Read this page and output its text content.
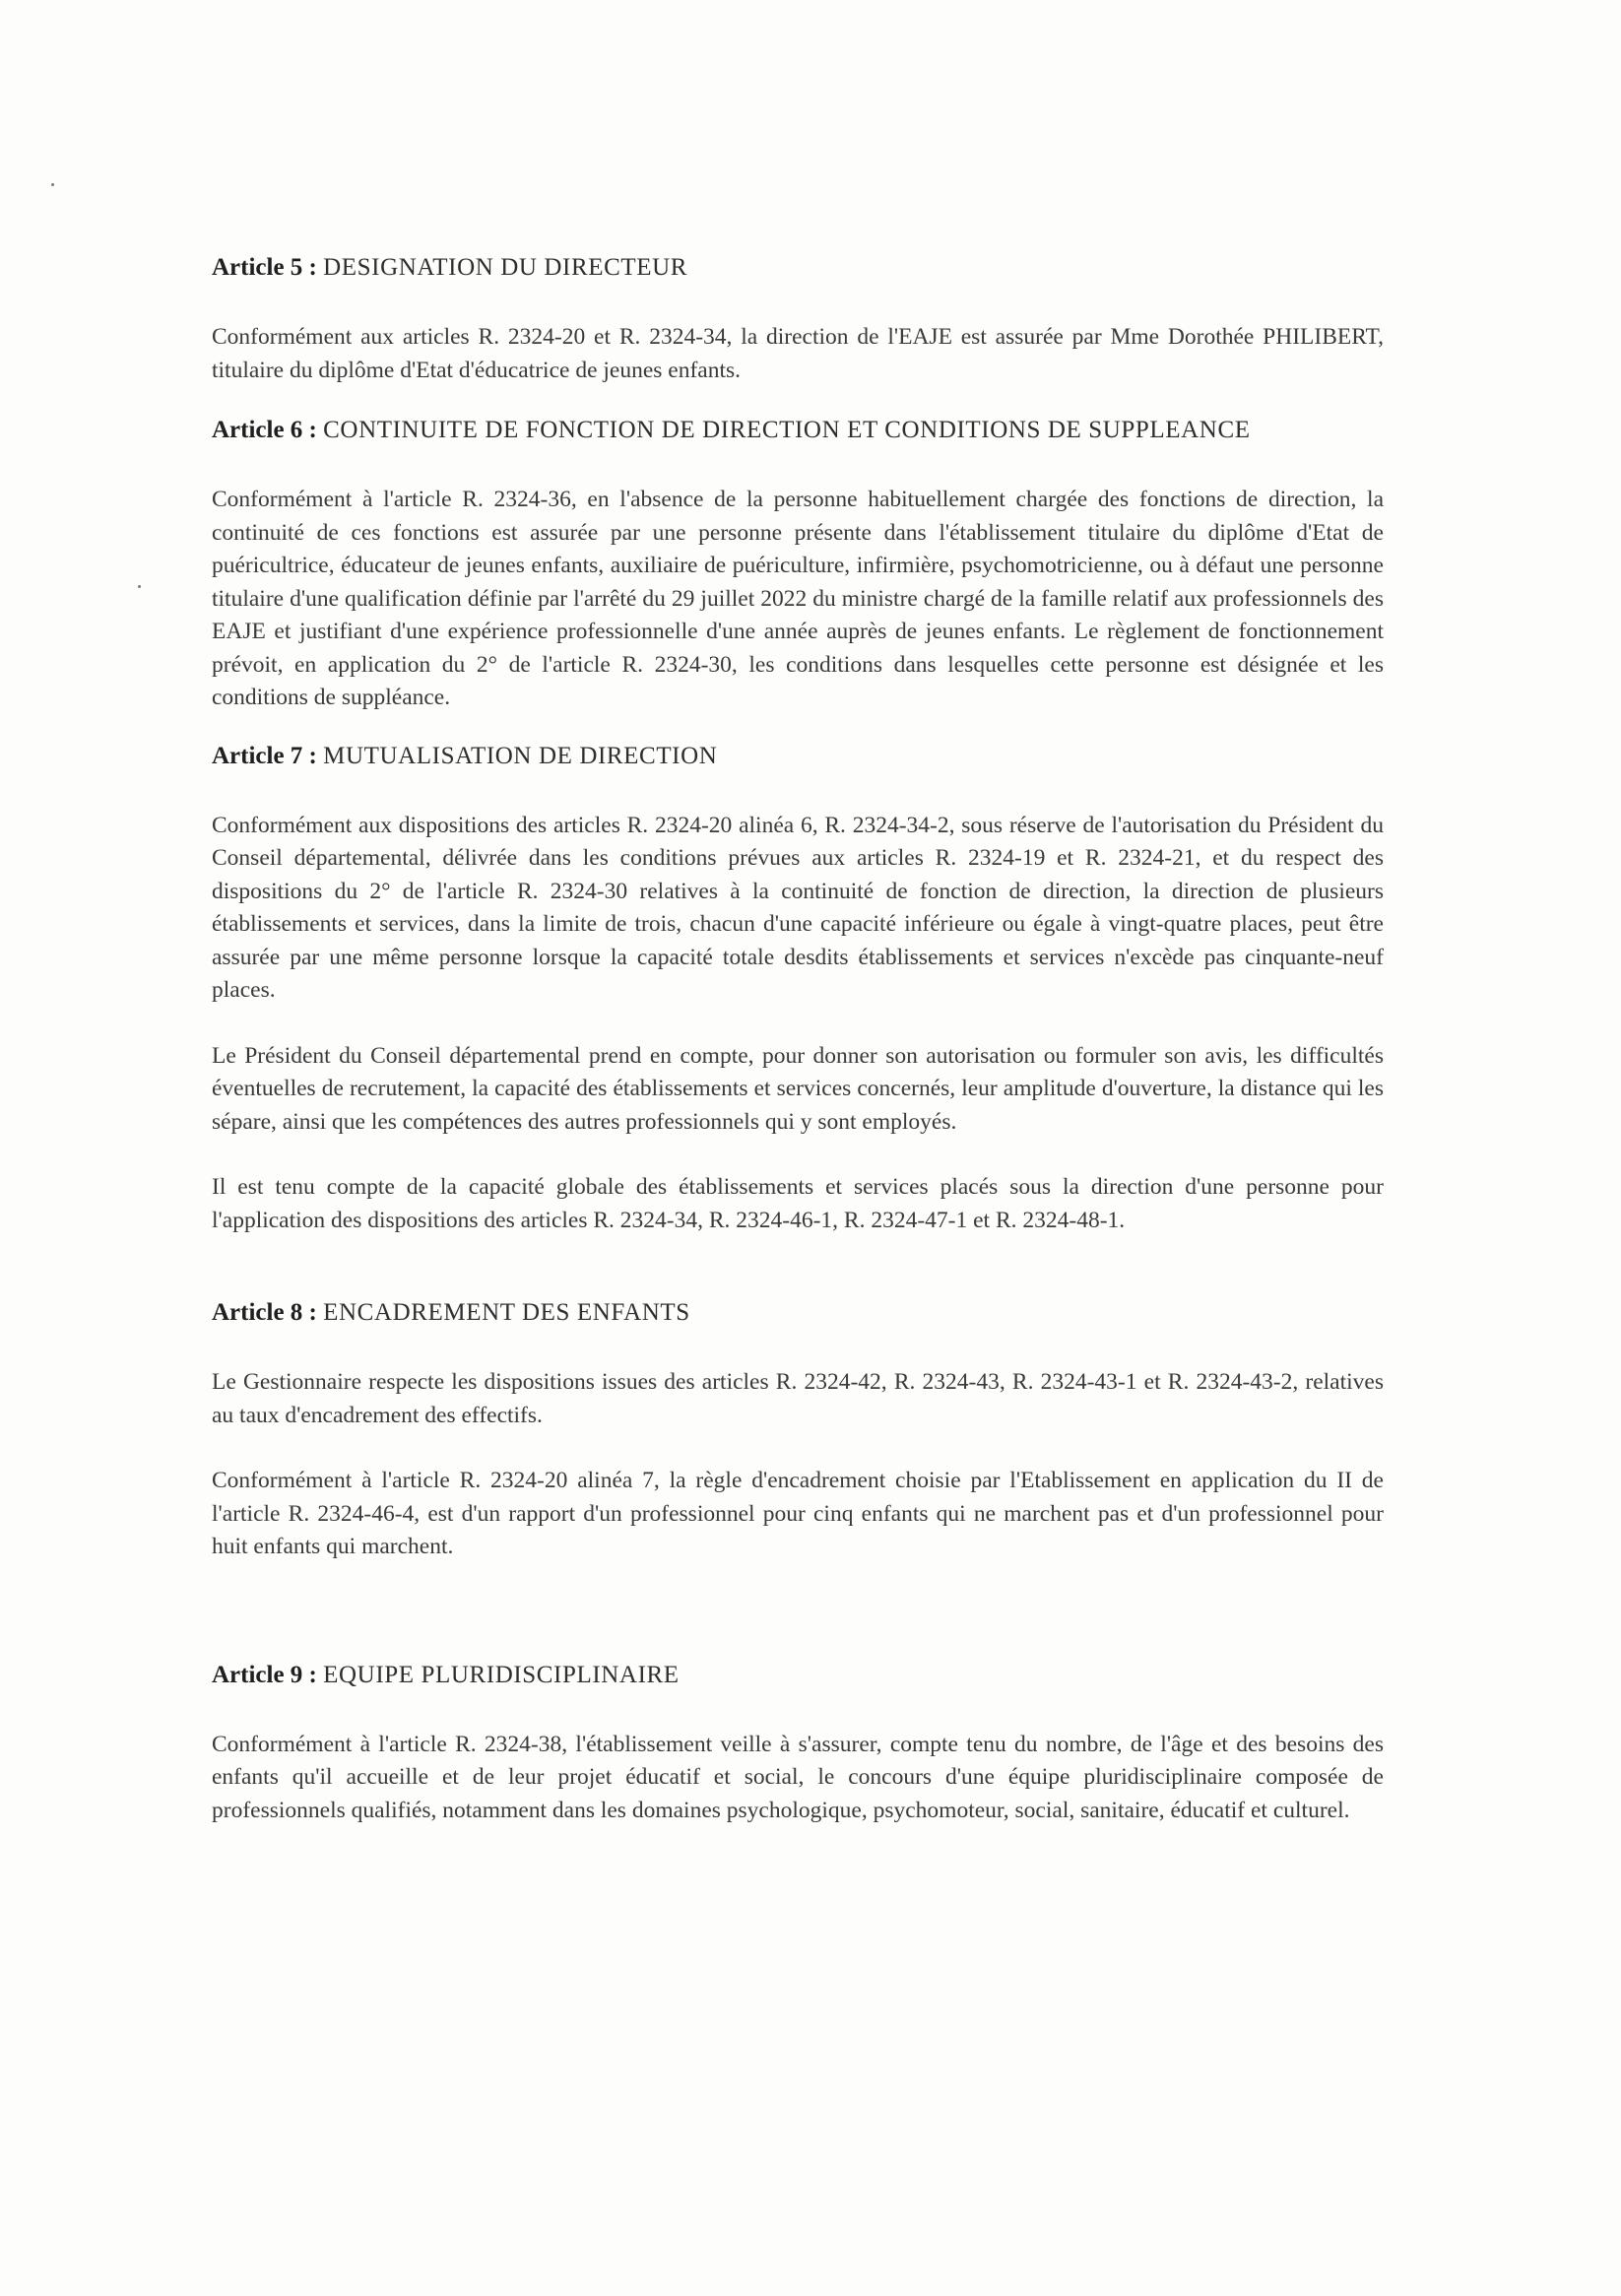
Article 5 : DESIGNATION DU DIRECTEUR

Conformément aux articles R. 2324-20 et R. 2324-34, la direction de l'EAJE est assurée par Mme Dorothée PHILIBERT, titulaire du diplôme d'Etat d'éducatrice de jeunes enfants.

Article 6 : CONTINUITE DE FONCTION DE DIRECTION ET CONDITIONS DE SUPPLEANCE

Conformément à l'article R. 2324-36, en l'absence de la personne habituellement chargée des fonctions de direction, la continuité de ces fonctions est assurée par une personne présente dans l'établissement titulaire du diplôme d'Etat de puéricultrice, éducateur de jeunes enfants, auxiliaire de puériculture, infirmière, psychomotricienne, ou à défaut une personne titulaire d'une qualification définie par l'arrêté du 29 juillet 2022 du ministre chargé de la famille relatif aux professionnels des EAJE et justifiant d'une expérience professionnelle d'une année auprès de jeunes enfants. Le règlement de fonctionnement prévoit, en application du 2° de l'article R. 2324-30, les conditions dans lesquelles cette personne est désignée et les conditions de suppléance.

Article 7 : MUTUALISATION DE DIRECTION

Conformément aux dispositions des articles R. 2324-20 alinéa 6, R. 2324-34-2, sous réserve de l'autorisation du Président du Conseil départemental, délivrée dans les conditions prévues aux articles R. 2324-19 et R. 2324-21, et du respect des dispositions du 2° de l'article R. 2324-30 relatives à la continuité de fonction de direction, la direction de plusieurs établissements et services, dans la limite de trois, chacun d'une capacité inférieure ou égale à vingt-quatre places, peut être assurée par une même personne lorsque la capacité totale desdits établissements et services n'excède pas cinquante-neuf places.

Le Président du Conseil départemental prend en compte, pour donner son autorisation ou formuler son avis, les difficultés éventuelles de recrutement, la capacité des établissements et services concernés, leur amplitude d'ouverture, la distance qui les sépare, ainsi que les compétences des autres professionnels qui y sont employés.

Il est tenu compte de la capacité globale des établissements et services placés sous la direction d'une personne pour l'application des dispositions des articles R. 2324-34, R. 2324-46-1, R. 2324-47-1 et R. 2324-48-1.

Article 8 : ENCADREMENT DES ENFANTS

Le Gestionnaire respecte les dispositions issues des articles R. 2324-42, R. 2324-43, R. 2324-43-1 et R. 2324-43-2, relatives au taux d'encadrement des effectifs.

Conformément à l'article R. 2324-20 alinéa 7, la règle d'encadrement choisie par l'Etablissement en application du II de l'article R. 2324-46-4, est d'un rapport d'un professionnel pour cinq enfants qui ne marchent pas et d'un professionnel pour huit enfants qui marchent.

Article 9 : EQUIPE PLURIDISCIPLINAIRE

Conformément à l'article R. 2324-38, l'établissement veille à s'assurer, compte tenu du nombre, de l'âge et des besoins des enfants qu'il accueille et de leur projet éducatif et social, le concours d'une équipe pluridisciplinaire composée de professionnels qualifiés, notamment dans les domaines psychologique, psychomoteur, social, sanitaire, éducatif et culturel.
